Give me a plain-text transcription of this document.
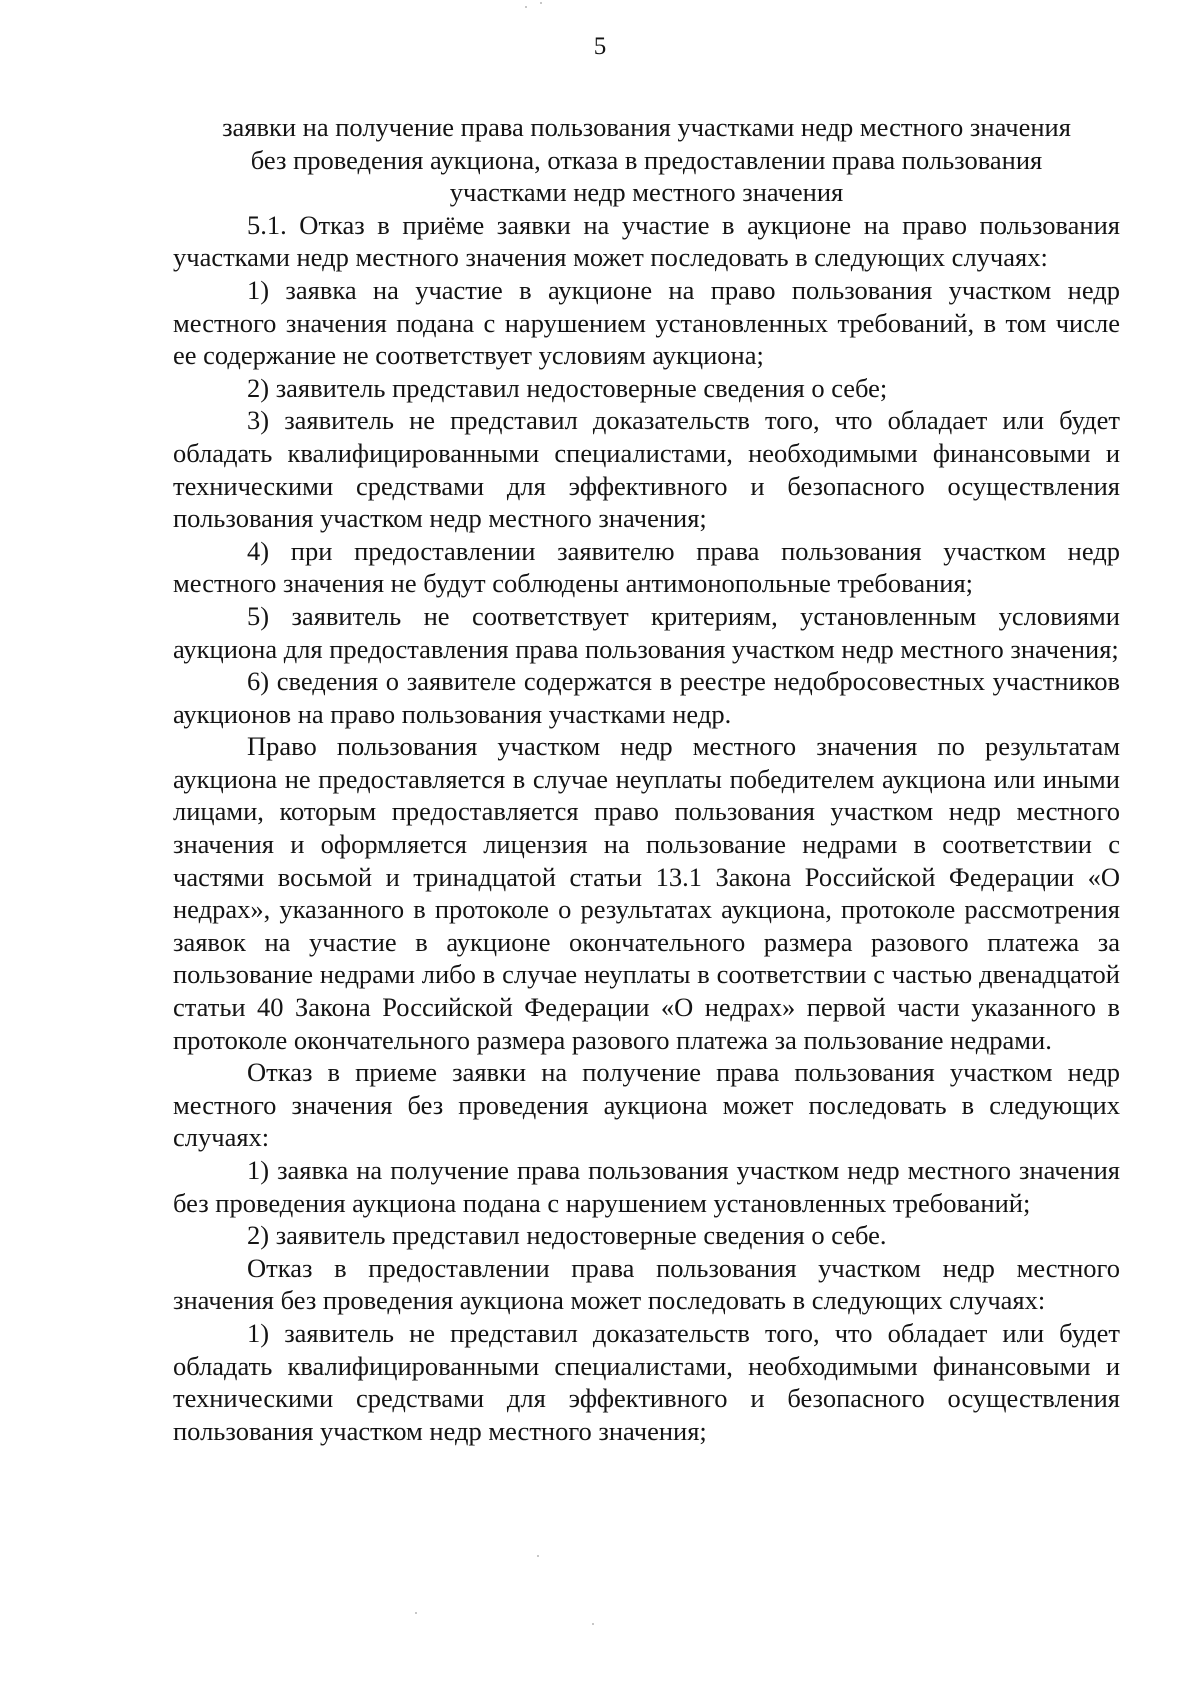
5
заявки на получение права пользования участками недр местного значения
без проведения аукциона, отказа в предоставлении права пользования
участками недр местного значения

5.1. Отказ в приёме заявки на участие в аукционе на право пользования участками недр местного значения может последовать в следующих случаях:

1) заявка на участие в аукционе на право пользования участком недр местного значения подана с нарушением установленных требований, в том числе ее содержание не соответствует условиям аукциона;

2) заявитель представил недостоверные сведения о себе;

3) заявитель не представил доказательств того, что обладает или будет обладать квалифицированными специалистами, необходимыми финансовыми и техническими средствами для эффективного и безопасного осуществления пользования участком недр местного значения;

4) при предоставлении заявителю права пользования участком недр местного значения не будут соблюдены антимонопольные требования;

5) заявитель не соответствует критериям, установленным условиями аукциона для предоставления права пользования участком недр местного значения;

6) сведения о заявителе содержатся в реестре недобросовестных участников аукционов на право пользования участками недр.

Право пользования участком недр местного значения по результатам аукциона не предоставляется в случае неуплаты победителем аукциона или иными лицами, которым предоставляется право пользования участком недр местного значения и оформляется лицензия на пользование недрами в соответствии с частями восьмой и тринадцатой статьи 13.1 Закона Российской Федерации «О недрах», указанного в протоколе о результатах аукциона, протоколе рассмотрения заявок на участие в аукционе окончательного размера разового платежа за пользование недрами либо в случае неуплаты в соответствии с частью двенадцатой статьи 40 Закона Российской Федерации «О недрах» первой части указанного в протоколе окончательного размера разового платежа за пользование недрами.

Отказ в приеме заявки на получение права пользования участком недр местного значения без проведения аукциона может последовать в следующих случаях:

1) заявка на получение права пользования участком недр местного значения без проведения аукциона подана с нарушением установленных требований;

2) заявитель представил недостоверные сведения о себе.

Отказ в предоставлении права пользования участком недр местного значения без проведения аукциона может последовать в следующих случаях:

1) заявитель не представил доказательств того, что обладает или будет обладать квалифицированными специалистами, необходимыми финансовыми и техническими средствами для эффективного и безопасного осуществления пользования участком недр местного значения;
